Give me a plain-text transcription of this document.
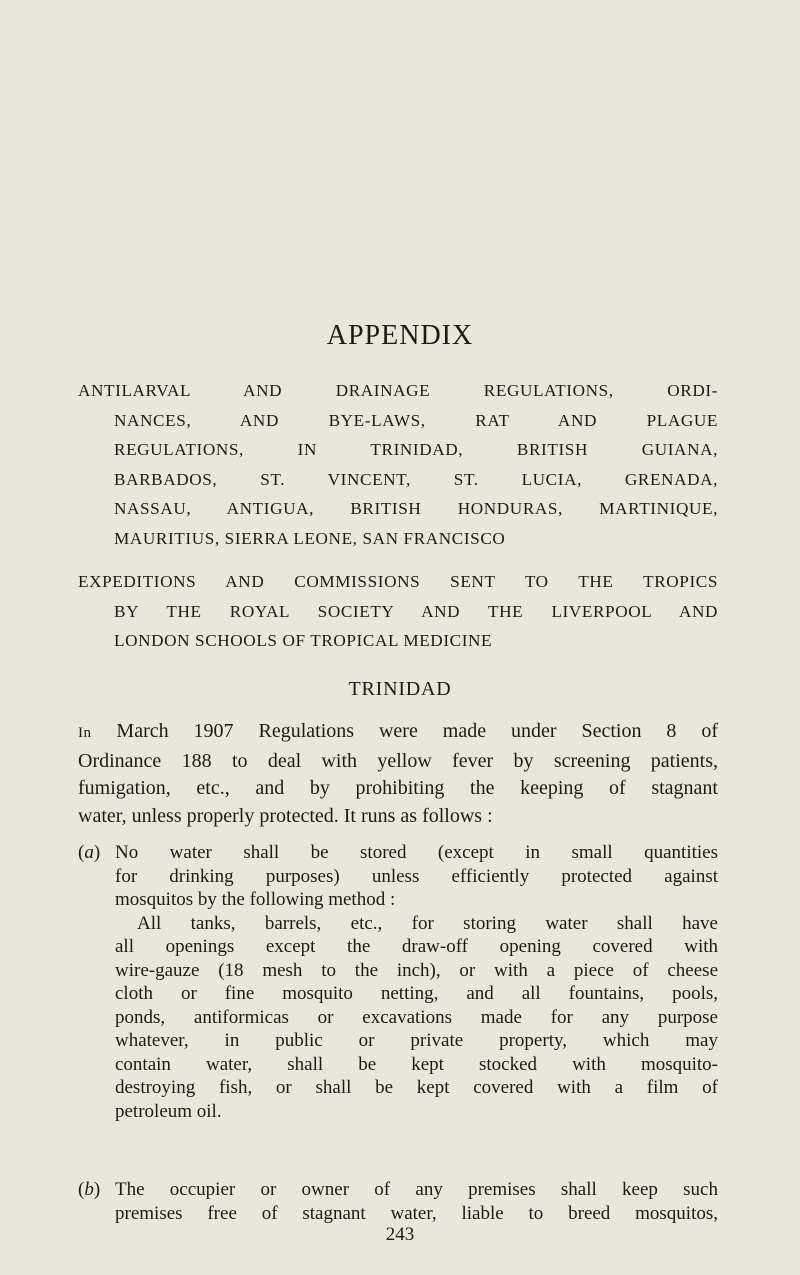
APPENDIX
ANTILARVAL AND DRAINAGE REGULATIONS, ORDI-
NANCES, AND BYE-LAWS, RAT AND PLAGUE
REGULATIONS, IN TRINIDAD, BRITISH GUIANA,
BARBADOS, ST. VINCENT, ST. LUCIA, GRENADA,
NASSAU, ANTIGUA, BRITISH HONDURAS, MARTINIQUE,
MAURITIUS, SIERRA LEONE, SAN FRANCISCO
EXPEDITIONS AND COMMISSIONS SENT TO THE TROPICS
BY THE ROYAL SOCIETY AND THE LIVERPOOL AND
LONDON SCHOOLS OF TROPICAL MEDICINE
TRINIDAD
In March 1907 Regulations were made under Section 8 of
Ordinance 188 to deal with yellow fever by screening patients,
fumigation, etc., and by prohibiting the keeping of stagnant
water, unless properly protected. It runs as follows :
(a) No water shall be stored (except in small quantities
for drinking purposes) unless efficiently protected against
mosquitos by the following method :
All tanks, barrels, etc., for storing water shall have
all openings except the draw-off opening covered with
wire-gauze (18 mesh to the inch), or with a piece of cheese
cloth or fine mosquito netting, and all fountains, pools,
ponds, antiformicas or excavations made for any purpose
whatever, in public or private property, which may
contain water, shall be kept stocked with mosquito-
destroying fish, or shall be kept covered with a film of
petroleum oil.
(b) The occupier or owner of any premises shall keep such
premises free of stagnant water, liable to breed mosquitos,
243
